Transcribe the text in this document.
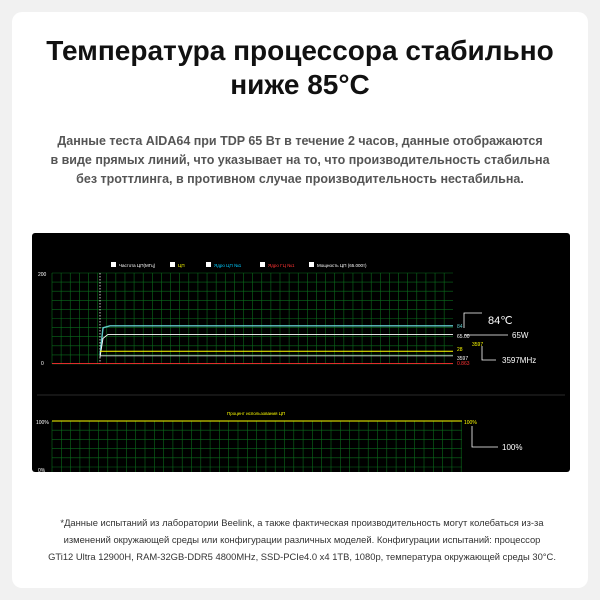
Температура процессора стабильно
ниже 85°C
Данные теста AIDA64 при TDP 65 Вт в течение 2 часов, данные отображаются
в виде прямых линий, что указывает на то, что производительность стабильна
без троттлинга, в противном случае производительность нестабильна.
Частота ЦП(МГц)	ЦП	Ядро ЦП №1	Ядро ГЦ №1	Мощность ЦП (65.000т)
200
0
84
65.00
28
3597
3597
0.863
84℃
65W
3597MHz
Процент использования ЦП
100%
0%
100%
100%
*Данные испытаний из лаборатории Beelink, а также фактическая производительность могут колебаться из-за
изменений окружающей среды или конфигурации различных моделей. Конфигурации испытаний: процессор
GTi12 Ultra 12900H, RAM-32GB-DDR5 4800MHz, SSD-PCIe4.0 x4 1TB, 1080p, температура окружающей среды 30°C.
